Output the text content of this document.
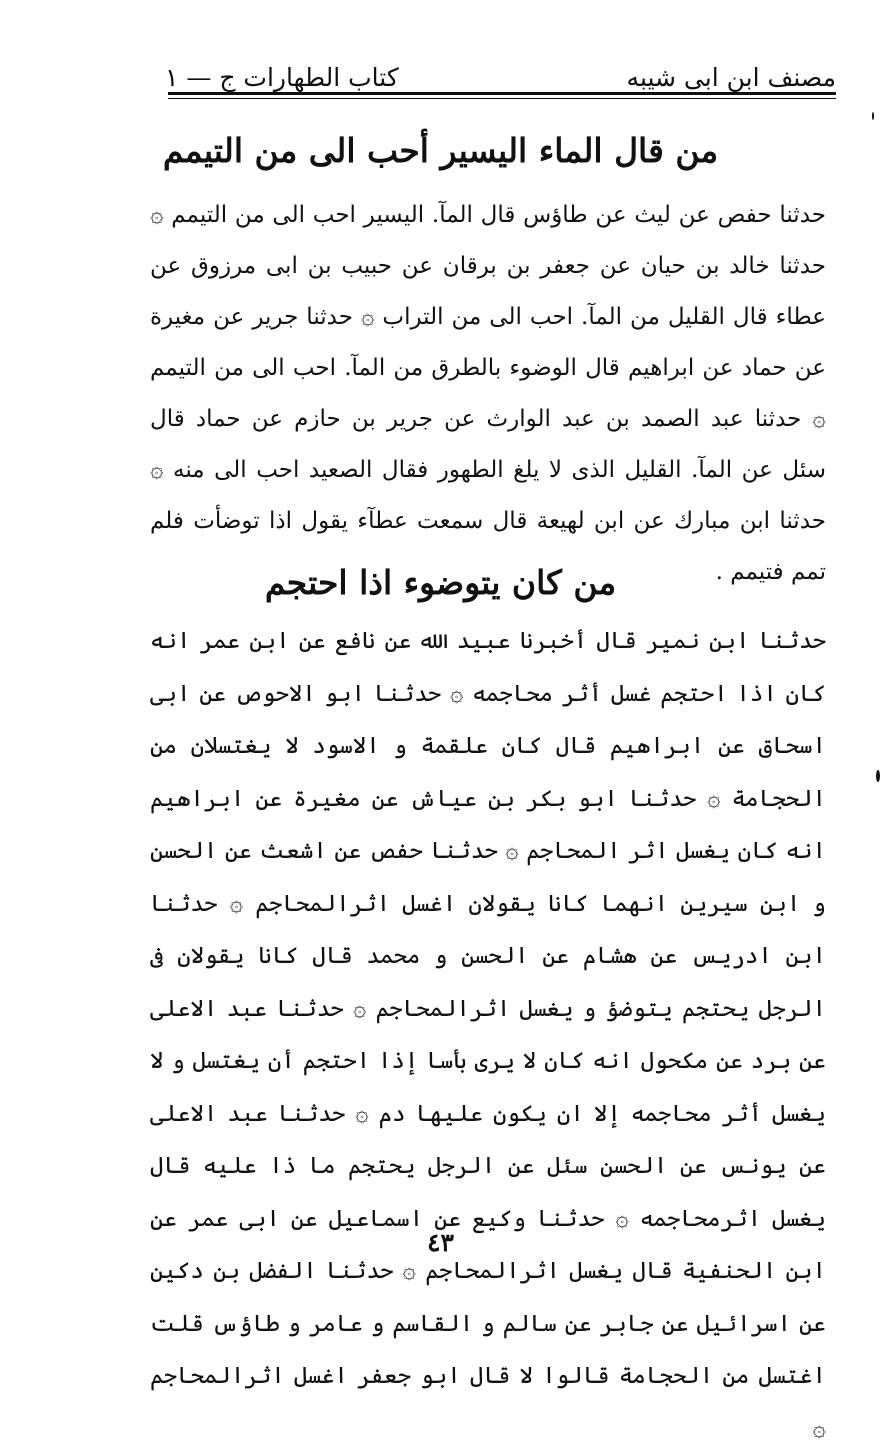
مصنف ابن ابى شيبه
كتاب الطهارات ج — ١
من قال الماء اليسير أحب الى من التيمم
حدثنا حفص عن ليث عن طاؤس قال المآ. اليسير احب الى من التيمم ۞ حدثنا خالد بن حيان عن جعفر بن برقان عن حبيب بن ابى مرزوق عن عطاء قال القليل من المآ. احب الى من التراب ۞ حدثنا جرير عن مغيرة عن حماد عن ابراهيم قال الوضوء بالطرق من المآ. احب الى من التيمم ۞ حدثنا عبد الصمد بن عبد الوارث عن جرير بن حازم عن حماد قال سئل عن المآ. القليل الذى لا يلغ الطهور فقال الصعيد احب الى منه ۞ حدثنا ابن مبارك عن ابن لهيعة قال سمعت عطآء يقول اذا توضأت فلم تمم فتيمم .
من كان يتوضوء اذا احتجم
حدثنا ابن نمير قال أخبرنا عبيد الله عن نافع عن ابن عمر انه كان اذا احتجم غسل أثر محاجمه ۞ حدثنا ابو الاحوص عن ابى اسحاق عن ابراهيم قال كان علقمة و الاسود لا يغتسلان من الحجامة ۞ حدثنا ابو بكر بن عياش عن مغيرة عن ابراهيم انه كان يغسل اثر المحاجم ۞ حدثنا حفص عن اشعث عن الحسن و ابن سيرين انهما كانا يقولان اغسل اثرالمحاجم ۞ حدثنا ابن ادريس عن هشام عن الحسن و محمد قال كانا يقولان فى الرجل يحتجم يتوضؤ و يغسل اثرالمحاجم ۞ حدثنا عبد الاعلى عن برد عن مكحول انه كان لا يرى بأسا إذا احتجم أن يغتسل و لا يغسل أثر محاجمه إلا ان يكون عليها دم ۞ حدثنا عبد الاعلى عن يونس عن الحسن سئل عن الرجل يحتجم ما ذا عليه قال يغسل اثرمحاجمه ۞ حدثنا وكيع عن اسماعيل عن ابى عمر عن ابن الحنفية قال يغسل اثرالمحاجم ۞ حدثنا الفضل بن دكين عن اسرائيل عن جابر عن سالم و القاسم و عامر و طاؤس قلت اغتسل من الحجامة قالوا لا قال ابو جعفر اغسل اثرالمحاجم ۞
٤٣
